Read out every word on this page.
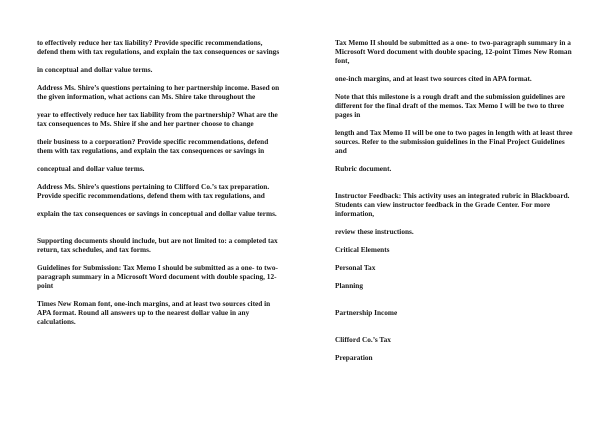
to effectively reduce her tax liability? Provide specific recommendations, defend them with tax regulations, and explain the tax consequences or savings

in conceptual and dollar value terms.

Address Ms. Shire’s questions pertaining to her partnership income. Based on the given information, what actions can Ms. Shire take throughout the

year to effectively reduce her tax liability from the partnership? What are the tax consequences to Ms. Shire if she and her partner choose to change

their business to a corporation? Provide specific recommendations, defend them with tax regulations, and explain the tax consequences or savings in

conceptual and dollar value terms.

Address Ms. Shire’s questions pertaining to Clifford Co.’s tax preparation. Provide specific recommendations, defend them with tax regulations, and

explain the tax consequences or savings in conceptual and dollar value terms.

Supporting documents should include, but are not limited to: a completed tax return, tax schedules, and tax forms.

Guidelines for Submission: Tax Memo I should be submitted as a one- to two-paragraph summary in a Microsoft Word document with double spacing, 12-point

Times New Roman font, one-inch margins, and at least two sources cited in APA format. Round all answers up to the nearest dollar value in any calculations.

Tax Memo II should be submitted as a one- to two-paragraph summary in a Microsoft Word document with double spacing, 12-point Times New Roman font,

one-inch margins, and at least two sources cited in APA format.

Note that this milestone is a rough draft and the submission guidelines are different for the final draft of the memos. Tax Memo I will be two to three pages in

length and Tax Memo II will be one to two pages in length with at least three sources. Refer to the submission guidelines in the Final Project Guidelines and

Rubric document.

Instructor Feedback: This activity uses an integrated rubric in Blackboard. Students can view instructor feedback in the Grade Center. For more information,

review these instructions.

Critical Elements

Personal Tax

Planning

Partnership Income

Clifford Co.’s Tax

Preparation
